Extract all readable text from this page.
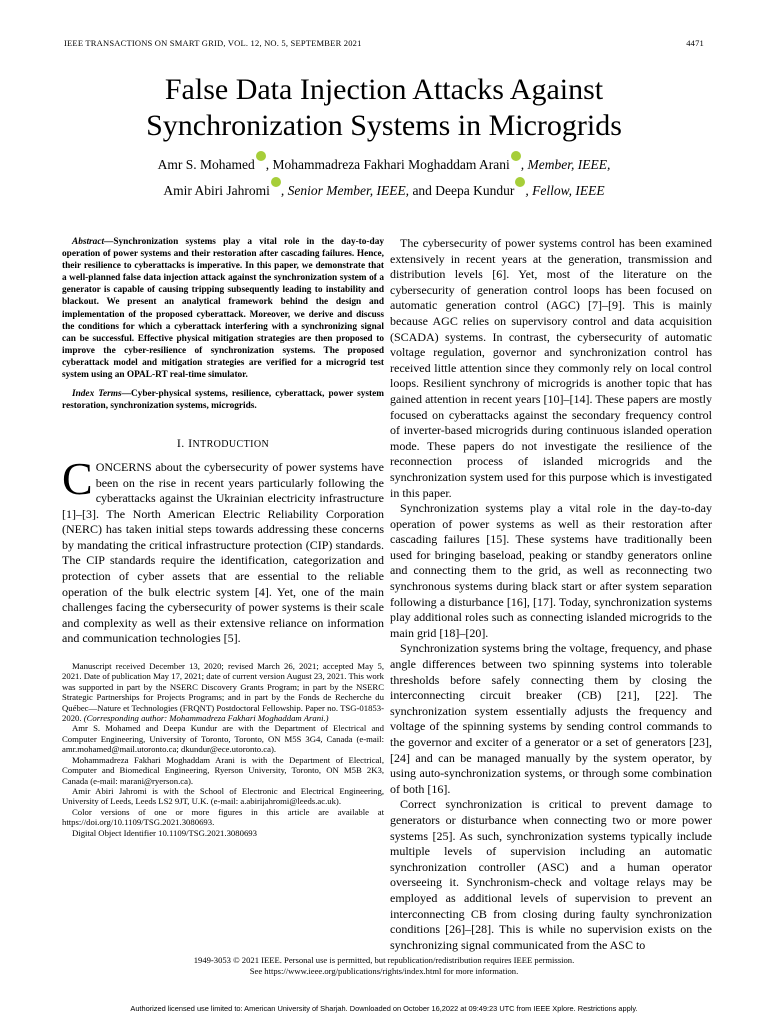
IEEE TRANSACTIONS ON SMART GRID, VOL. 12, NO. 5, SEPTEMBER 2021	4471
False Data Injection Attacks Against
Synchronization Systems in Microgrids
Amr S. Mohamed , Mohammadreza Fakhari Moghaddam Arani , Member, IEEE,
Amir Abiri Jahromi , Senior Member, IEEE, and Deepa Kundur , Fellow, IEEE

Abstract—Synchronization systems play a vital role in the day-to-day operation of power systems and their restoration after cascading failures. Hence, their resilience to cyberattacks is imperative. In this paper, we demonstrate that a well-planned false data injection attack against the synchronization system of a generator is capable of causing tripping subsequently leading to instability and blackout. We present an analytical framework behind the design and implementation of the proposed cyberattack. Moreover, we derive and discuss the conditions for which a cyberattack interfering with a synchronizing signal can be successful. Effective physical mitigation strategies are then proposed to improve the cyber-resilience of synchronization systems. The proposed cyberattack model and mitigation strategies are verified for a microgrid test system using an OPAL-RT real-time simulator.

Index Terms—Cyber-physical systems, resilience, cyberattack, power system restoration, synchronization systems, microgrids.

I. INTRODUCTION

CONCERNS about the cybersecurity of power systems have been on the rise in recent years particularly following the cyberattacks against the Ukrainian electricity infrastructure [1]–[3]. The North American Electric Reliability Corporation (NERC) has taken initial steps towards addressing these concerns by mandating the critical infrastructure protection (CIP) standards. The CIP standards require the identification, categorization and protection of cyber assets that are essential to the reliable operation of the bulk electric system [4]. Yet, one of the main challenges facing the cybersecurity of power systems is their scale and complexity as well as their extensive reliance on information and communication technologies [5].

Manuscript received December 13, 2020; revised March 26, 2021; accepted May 5, 2021. Date of publication May 17, 2021; date of current version August 23, 2021. This work was supported in part by the NSERC Discovery Grants Program; in part by the NSERC Strategic Partnerships for Projects Programs; and in part by the Fonds de Recherche du Québec—Nature et Technologies (FRQNT) Postdoctoral Fellowship. Paper no. TSG-01853-2020. (Corresponding author: Mohammadreza Fakhari Moghaddam Arani.)

Amr S. Mohamed and Deepa Kundur are with the Department of Electrical and Computer Engineering, University of Toronto, Toronto, ON M5S 3G4, Canada (e-mail: amr.mohamed@mail.utoronto.ca; dkundur@ece.utoronto.ca).

Mohammadreza Fakhari Moghaddam Arani is with the Department of Electrical, Computer and Biomedical Engineering, Ryerson University, Toronto, ON M5B 2K3, Canada (e-mail: marani@ryerson.ca).

Amir Abiri Jahromi is with the School of Electronic and Electrical Engineering, University of Leeds, Leeds LS2 9JT, U.K. (e-mail: a.abirijahromi@leeds.ac.uk).

Color versions of one or more figures in this article are available at https://doi.org/10.1109/TSG.2021.3080693.

Digital Object Identifier 10.1109/TSG.2021.3080693

The cybersecurity of power systems control has been examined extensively in recent years at the generation, transmission and distribution levels [6]. Yet, most of the literature on the cybersecurity of generation control loops has been focused on automatic generation control (AGC) [7]–[9]. This is mainly because AGC relies on supervisory control and data acquisition (SCADA) systems. In contrast, the cybersecurity of automatic voltage regulation, governor and synchronization control has received little attention since they commonly rely on local control loops. Resilient synchrony of microgrids is another topic that has gained attention in recent years [10]–[14]. These papers are mostly focused on cyberattacks against the secondary frequency control of inverter-based microgrids during continuous islanded operation mode. These papers do not investigate the resilience of the reconnection process of islanded microgrids and the synchronization system used for this purpose which is investigated in this paper.

Synchronization systems play a vital role in the day-to-day operation of power systems as well as their restoration after cascading failures [15]. These systems have traditionally been used for bringing baseload, peaking or standby generators online and connecting them to the grid, as well as reconnecting two synchronous systems during black start or after system separation following a disturbance [16], [17]. Today, synchronization systems play additional roles such as connecting islanded microgrids to the main grid [18]–[20].

Synchronization systems bring the voltage, frequency, and phase angle differences between two spinning systems into tolerable thresholds before safely connecting them by closing the interconnecting circuit breaker (CB) [21], [22]. The synchronization system essentially adjusts the frequency and voltage of the spinning systems by sending control commands to the governor and exciter of a generator or a set of generators [23], [24] and can be managed manually by the system operator, by using auto-synchronization systems, or through some combination of both [16].

Correct synchronization is critical to prevent damage to generators or disturbance when connecting two or more power systems [25]. As such, synchronization systems typically include multiple levels of supervision including an automatic synchronization controller (ASC) and a human operator overseeing it. Synchronism-check and voltage relays may be employed as additional levels of supervision to prevent an interconnecting CB from closing during faulty synchronization conditions [26]–[28]. This is while no supervision exists on the synchronizing signal communicated from the ASC to

1949-3053 © 2021 IEEE. Personal use is permitted, but republication/redistribution requires IEEE permission.
See https://www.ieee.org/publications/rights/index.html for more information.
Authorized licensed use limited to: American University of Sharjah. Downloaded on October 16,2022 at 09:49:23 UTC from IEEE Xplore. Restrictions apply.
